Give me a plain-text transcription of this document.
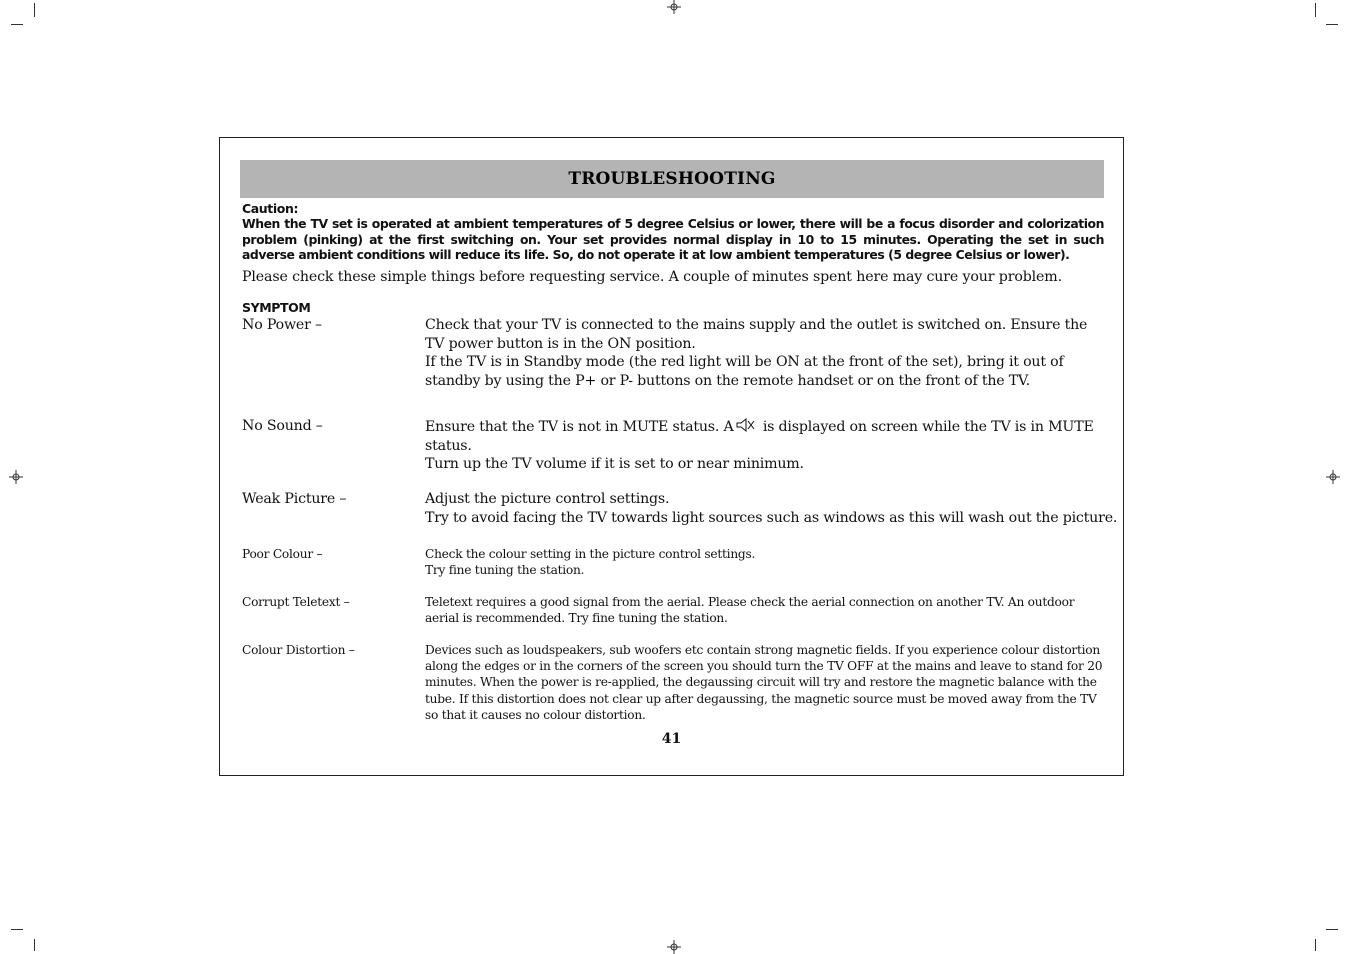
TROUBLESHOOTING
Caution:
When the TV set is operated at ambient temperatures of 5 degree Celsius or lower, there will be a focus disorder and colorization problem (pinking) at the first switching on. Your set provides normal display in 10 to 15 minutes. Operating the set in such adverse ambient conditions will reduce its life. So, do not operate it at low ambient temperatures (5 degree Celsius or lower).
Please check these simple things before requesting service. A couple of minutes spent here may cure your problem.
SYMPTOM
No Power –	Check that your TV is connected to the mains supply and the outlet is switched on. Ensure the TV power button is in the ON position.

If the TV is in Standby mode (the red light will be ON at the front of the set), bring it out of standby by using the P+ or P- buttons on the remote handset or on the front of the TV.

No Sound –	Ensure that the TV is not in MUTE status. A is displayed on screen while the TV is in MUTE status.

Turn up the TV volume if it is set to or near minimum.

Weak Picture –	Adjust the picture control settings.

Try to avoid facing the TV towards light sources such as windows as this will wash out the picture.

Poor Colour –	Check the colour setting in the picture control settings.

Try fine tuning the station.

Corrupt Teletext –	Teletext requires a good signal from the aerial. Please check the aerial connection on another TV. An outdoor aerial is recommended. Try fine tuning the station.

Colour Distortion –	Devices such as loudspeakers, sub woofers etc contain strong magnetic fields. If you experience colour distortion along the edges or in the corners of the screen you should turn the TV OFF at the mains and leave to stand for 20 minutes. When the power is re-applied, the degaussing circuit will try and restore the magnetic balance with the tube. If this distortion does not clear up after degaussing, the magnetic source must be moved away from the TV so that it causes no colour distortion.

41
